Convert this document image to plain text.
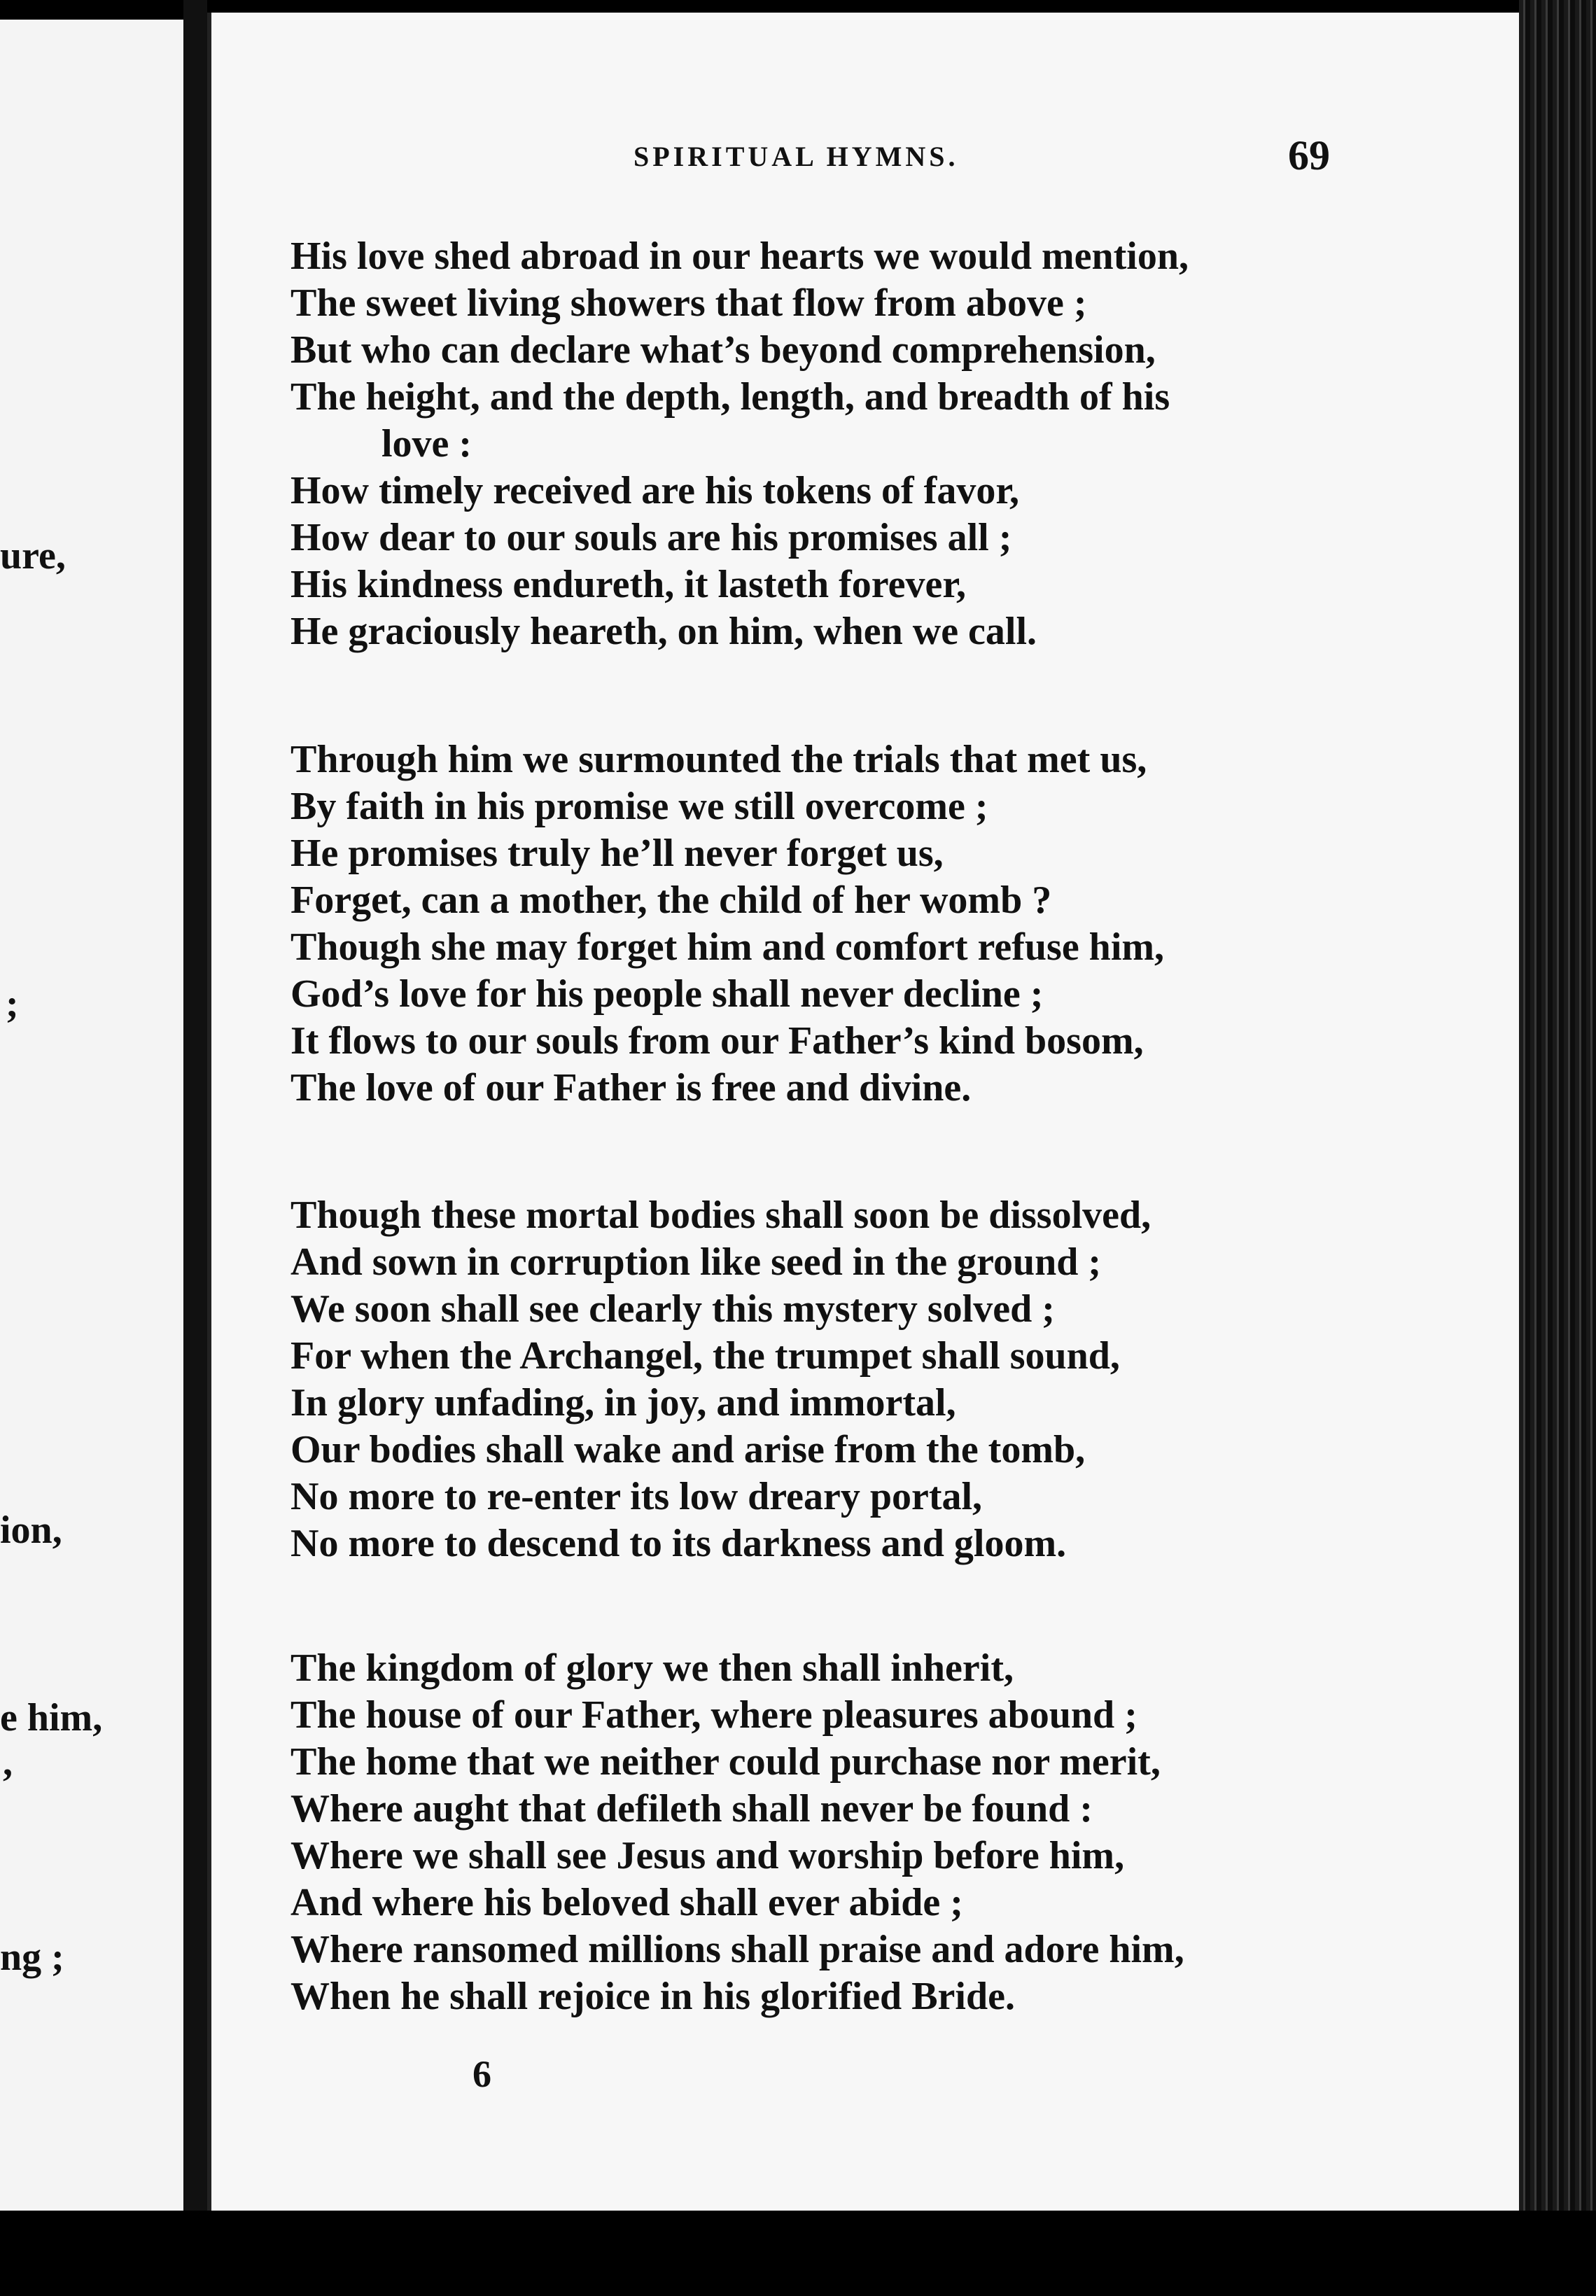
ure,
;
ion,
e him,
,
ng ;
SPIRITUAL HYMNS.	69
His love shed abroad in our hearts we would mention,
The sweet living showers that flow from above ;
But who can declare what’s beyond comprehension,
The height, and the depth, length, and breadth of his
love :
How timely received are his tokens of favor,
How dear to our souls are his promises all ;
His kindness endureth, it lasteth forever,
He graciously heareth, on him, when we call.
Through him we surmounted the trials that met us,
By faith in his promise we still overcome ;
He promises truly he’ll never forget us,
Forget, can a mother, the child of her womb ?
Though she may forget him and comfort refuse him,
God’s love for his people shall never decline ;
It flows to our souls from our Father’s kind bosom,
The love of our Father is free and divine.
Though these mortal bodies shall soon be dissolved,
And sown in corruption like seed in the ground ;
We soon shall see clearly this mystery solved ;
For when the Archangel, the trumpet shall sound,
In glory unfading, in joy, and immortal,
Our bodies shall wake and arise from the tomb,
No more to re-enter its low dreary portal,
No more to descend to its darkness and gloom.
The kingdom of glory we then shall inherit,
The house of our Father, where pleasures abound ;
The home that we neither could purchase nor merit,
Where aught that defileth shall never be found :
Where we shall see Jesus and worship before him,
And where his beloved shall ever abide ;
Where ransomed millions shall praise and adore him,
When he shall rejoice in his glorified Bride.
6
